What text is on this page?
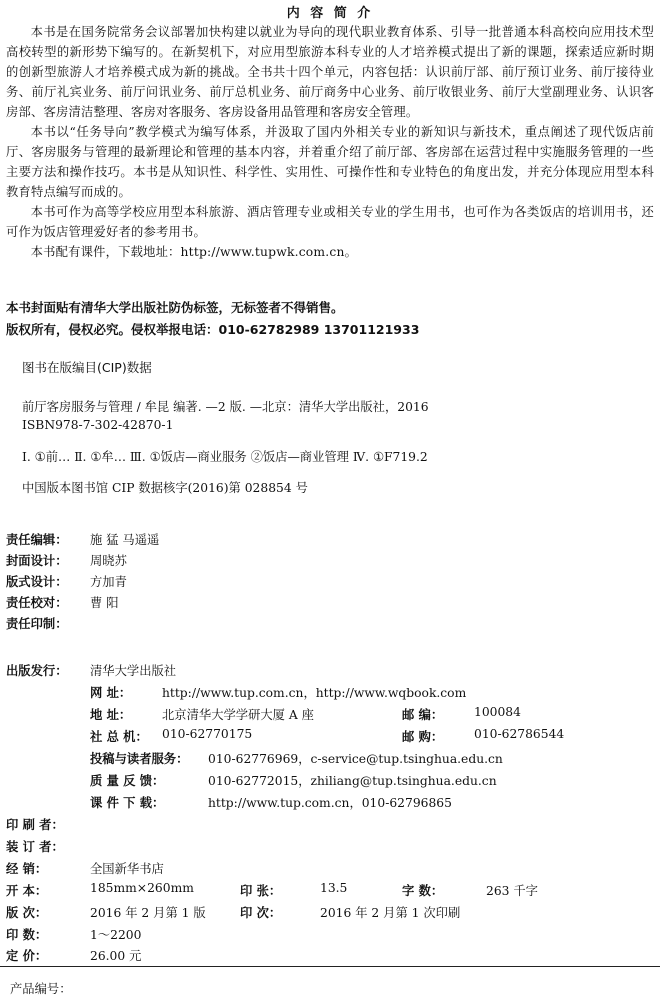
内 容 简 介

本书是在国务院常务会议部署加快构建以就业为导向的现代职业教育体系、引导一批普通本科高校向应用技术型高校转型的新形势下编写的。在新契机下，对应用型旅游本科专业的人才培养模式提出了新的课题，探索适应新时期的创新型旅游人才培养模式成为新的挑战。全书共十四个单元，内容包括：认识前厅部、前厅预订业务、前厅接待业务、前厅礼宾业务、前厅问讯业务、前厅总机业务、前厅商务中心业务、前厅收银业务、前厅大堂副理业务、认识客房部、客房清洁整理、客房对客服务、客房设备用品管理和客房安全管理。

本书以“任务导向”教学模式为编写体系，并汲取了国内外相关专业的新知识与新技术，重点阐述了现代饭店前厅、客房服务与管理的最新理论和管理的基本内容，并着重介绍了前厅部、客房部在运营过程中实施服务管理的一些主要方法和操作技巧。本书是从知识性、科学性、实用性、可操作性和专业特色的角度出发，并充分体现应用型本科教育特点编写而成的。

本书可作为高等学校应用型本科旅游、酒店管理专业或相关专业的学生用书，也可作为各类饭店的培训用书，还可作为饭店管理爱好者的参考用书。

本书配有课件，下载地址：http://www.tupwk.com.cn。

本书封面贴有清华大学出版社防伪标签，无标签者不得销售。
版权所有，侵权必究。侵权举报电话：010-62782989 13701121933
图书在版编目(CIP)数据
前厅客房服务与管理 / 牟昆 编著. —2 版. —北京：清华大学出版社，2016
ISBN978-7-302-42870-1
Ⅰ. ①前… Ⅱ. ①牟… Ⅲ. ①饭店—商业服务 ②饭店—商业管理 Ⅳ. ①F719.2
中国版本图书馆 CIP 数据核字(2016)第 028854 号
责任编辑： 施 猛 马遥遥
封面设计： 周晓苏
版式设计： 方加青
责任校对： 曹 阳
责任印制：
出版发行： 清华大学出版社
网 址：	http://www.tup.com.cn，http://www.wqbook.com
地 址：	北京清华大学学研大厦 A 座	邮 编：	100084
社 总 机： 010-62770175	邮 购：	010-62786544
投稿与读者服务： 010-62776969，c-service@tup.tsinghua.edu.cn
质 量 反 馈：	010-62772015，zhiliang@tup.tsinghua.edu.cn
课 件 下 载：	http://www.tup.com.cn，010-62796865
印 刷 者：
装 订 者：
经 销：	全国新华书店
开 本：	185mm×260mm	印 张：	13.5	字 数：	263 千字
版 次：	2016 年 2 月第 1 版	印 次：	2016 年 2 月第 1 次印刷
印 数：	1～2200
定 价：	26.00 元
产品编号：
